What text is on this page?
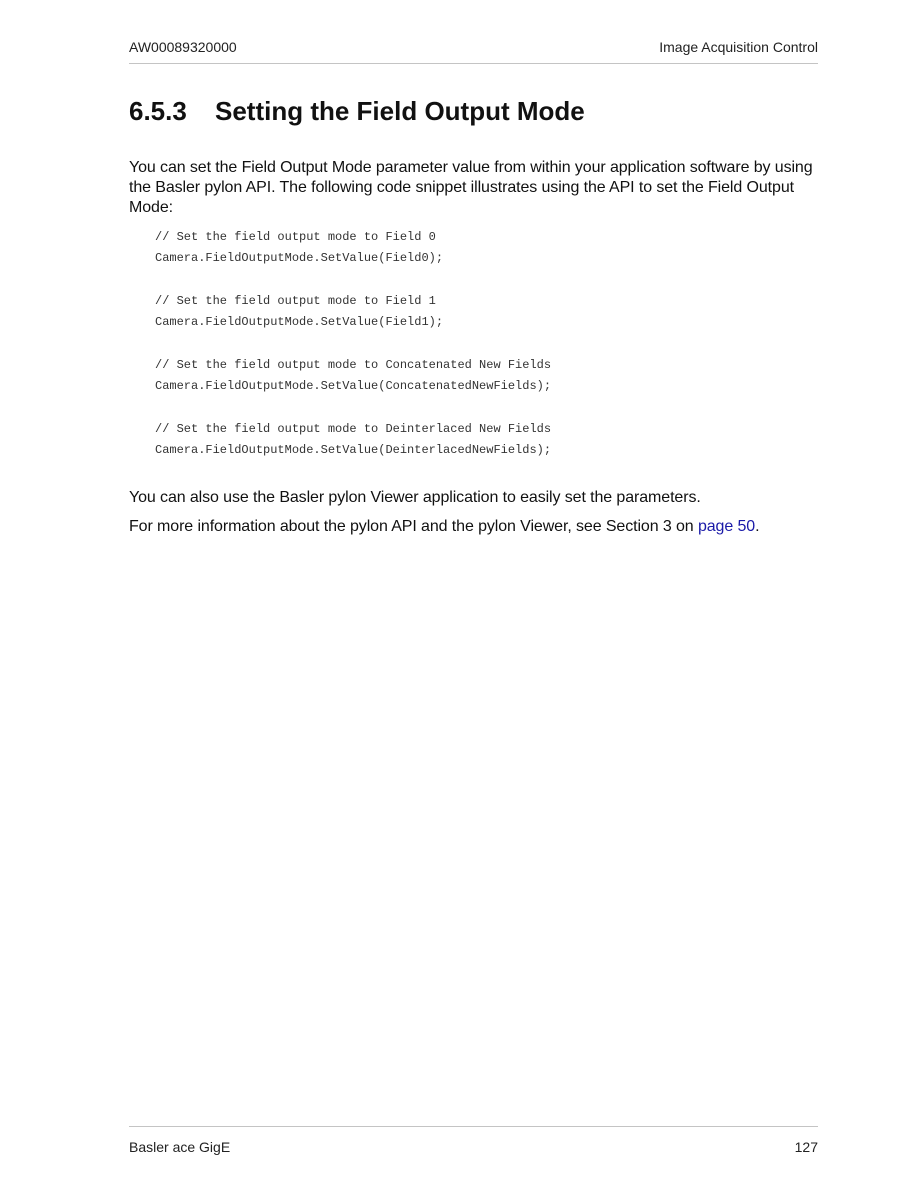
AW00089320000	Image Acquisition Control
6.5.3 Setting the Field Output Mode
You can set the Field Output Mode parameter value from within your application software by using the Basler pylon API. The following code snippet illustrates using the API to set the Field Output Mode:
// Set the field output mode to Field 0
Camera.FieldOutputMode.SetValue(Field0);
// Set the field output mode to Field 1
Camera.FieldOutputMode.SetValue(Field1);
// Set the field output mode to Concatenated New Fields
Camera.FieldOutputMode.SetValue(ConcatenatedNewFields);
// Set the field output mode to Deinterlaced New Fields
Camera.FieldOutputMode.SetValue(DeinterlacedNewFields);
You can also use the Basler pylon Viewer application to easily set the parameters.
For more information about the pylon API and the pylon Viewer, see Section 3 on page 50.
Basler ace GigE	127
